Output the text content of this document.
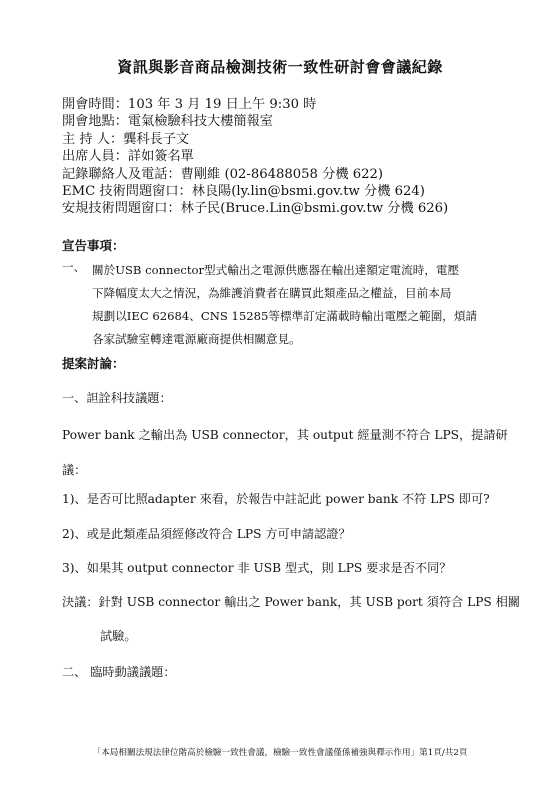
資訊與影音商品檢測技術一致性研討會會議紀錄
開會時間：103 年 3 月 19 日上午 9:30 時
開會地點：電氣檢驗科技大樓簡報室
主 持 人：龔科長子文
出席人員：詳如簽名單
記錄聯絡人及電話：曹剛維 (02-86488058 分機 622)
EMC 技術問題窗口：林良陽(ly.lin@bsmi.gov.tw 分機 624)
安規技術問題窗口：林子民(Bruce.Lin@bsmi.gov.tw 分機 626)
宣告事項：
一、 關於USB connector型式輸出之電源供應器在輸出達額定電流時，電壓
下降幅度太大之情況，為維護消費者在購買此類產品之權益，目前本局
規劃以IEC 62684、CNS 15285等標準訂定滿載時輸出電壓之範圍，煩請
各家試驗室轉達電源廠商提供相關意見。
提案討論：
一、詚詮科技議題：
Power bank 之輸出為 USB connector，其 output 經量測不符合 LPS，提請研
議：
1)、是否可比照adapter 來看，於報告中註記此 power bank 不符 LPS 即可?
2)、或是此類產品須經修改符合 LPS 方可申請認證？
3)、如果其 output connector 非 USB 型式，則 LPS 要求是否不同？
決議：針對 USB connector 輸出之 Power bank，其 USB port 須符合 LPS 相關
試驗。
二、 臨時動議議題：
「本局相關法規法律位階高於檢驗一致性會議，檢驗一致性會議僅係補強與釋示作用」第1頁/共2頁
